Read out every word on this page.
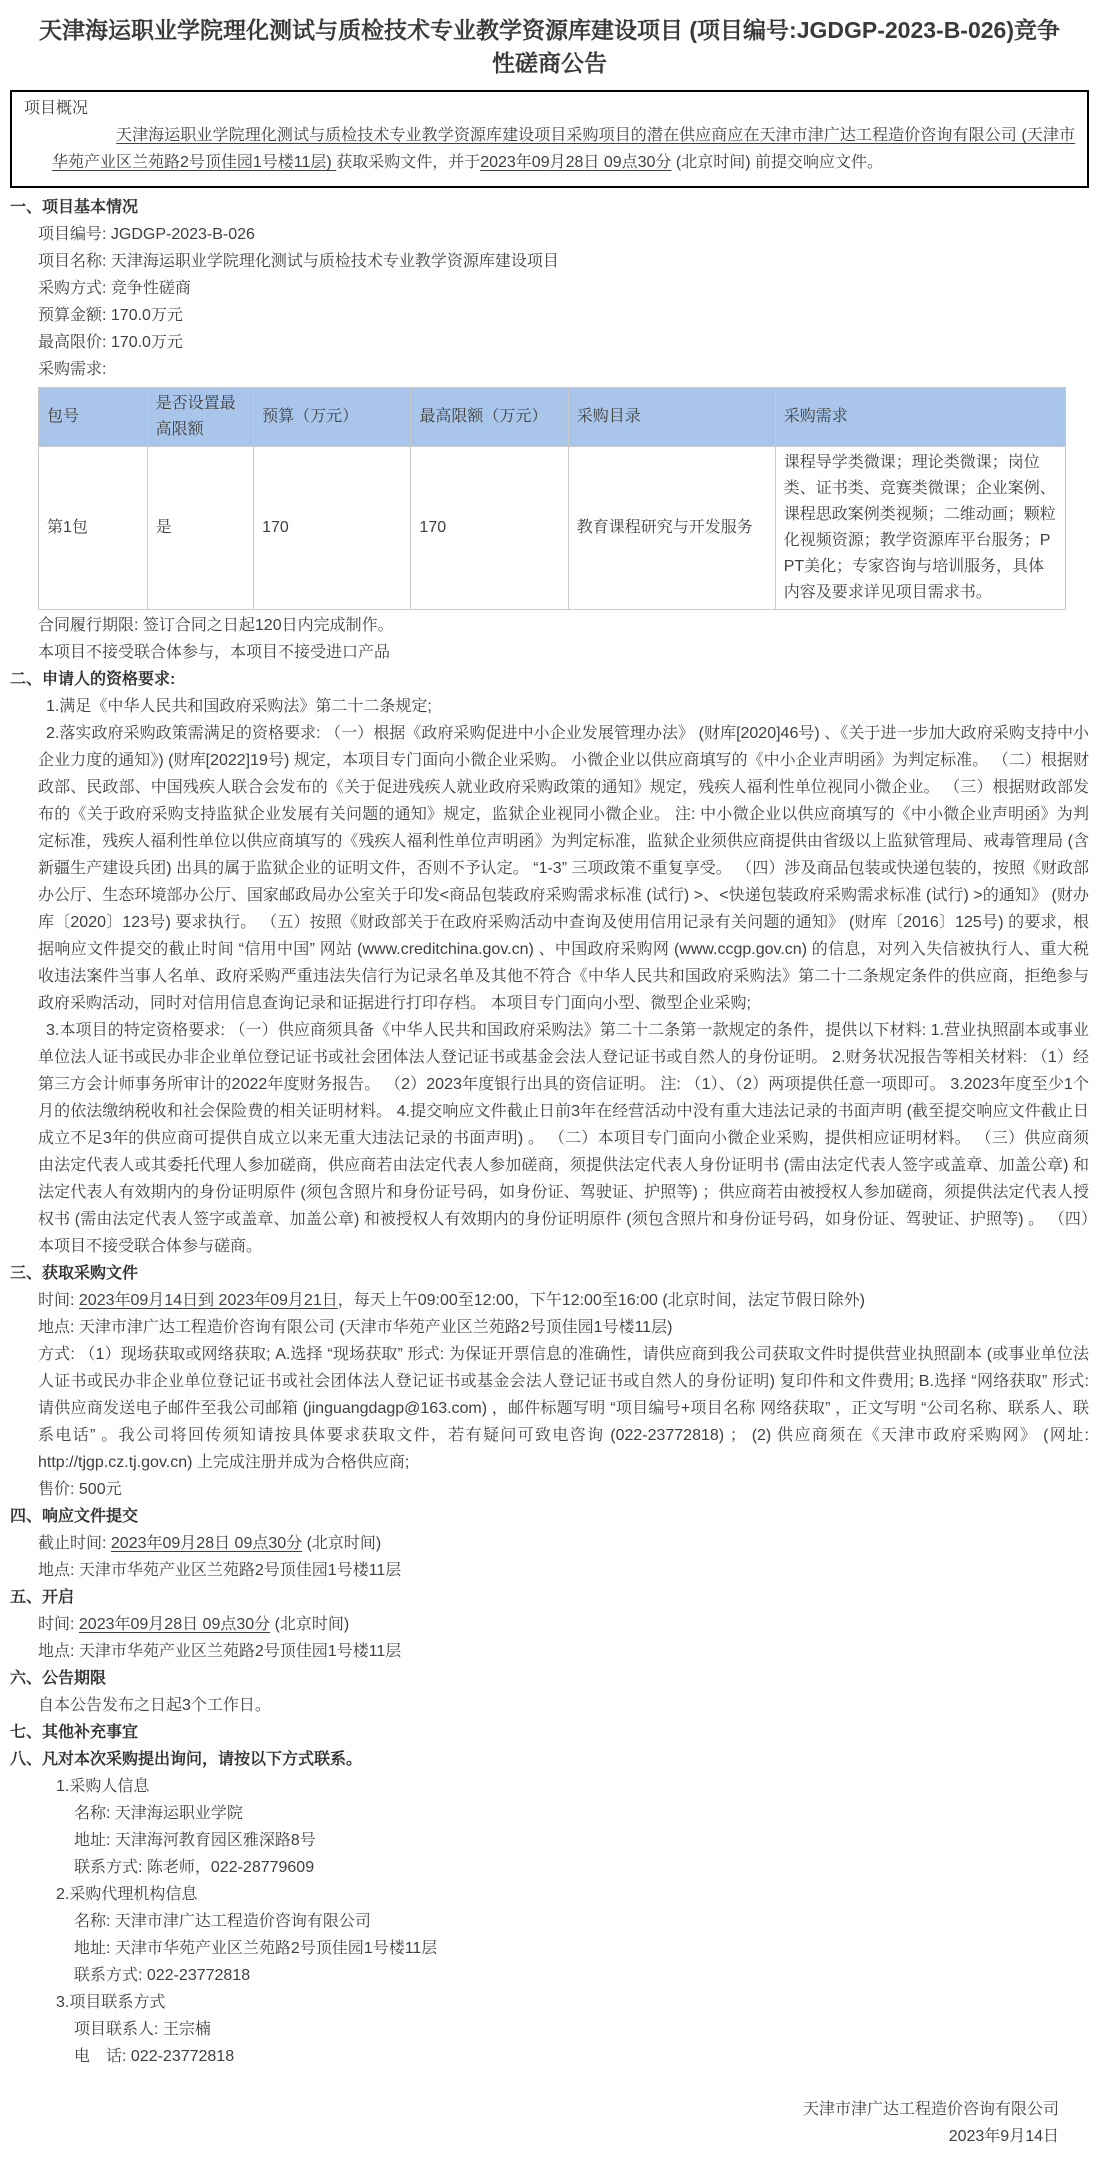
天津海运职业学院理化测试与质检技术专业教学资源库建设项目 (项目编号:JGDGP-2023-B-026)竞争性磋商公告
项目概况

天津海运职业学院理化测试与质检技术专业教学资源库建设项目采购项目的潜在供应商应在天津市津广达工程造价咨询有限公司 (天津市华苑产业区兰苑路2号顶佳园1号楼11层) 获取采购文件，并于2023年09月28日 09点30分 (北京时间) 前提交响应文件。

一、项目基本情况
项目编号: JGDGP-2023-B-026
项目名称: 天津海运职业学院理化测试与质检技术专业教学资源库建设项目
采购方式: 竞争性磋商
预算金额: 170.0万元
最高限价: 170.0万元
采购需求:
包号	是否设置最高限额	预算（万元）	最高限额（万元）	采购目录	采购需求
第1包	是	170	170	教育课程研究与开发服务	课程导学类微课；理论类微课；岗位类、证书类、竞赛类微课；企业案例、课程思政案例类视频；二维动画；颗粒化视频资源；教学资源库平台服务；PPT美化；专家咨询与培训服务，具体内容及要求详见项目需求书。
合同履行期限: 签订合同之日起120日内完成制作。
本项目不接受联合体参与，本项目不接受进口产品
二、申请人的资格要求:

1.满足《中华人民共和国政府采购法》第二十二条规定;

2.落实政府采购政策需满足的资格要求: （一）根据《政府采购促进中小企业发展管理办法》 (财库[2020]46号) 、《关于进一步加大政府采购支持中小企业力度的通知》) (财库[2022]19号) 规定，本项目专门面向小微企业采购。 小微企业以供应商填写的《中小企业声明函》为判定标准。 （二）根据财政部、民政部、中国残疾人联合会发布的《关于促进残疾人就业政府采购政策的通知》规定，残疾人福利性单位视同小微企业。 （三）根据财政部发布的《关于政府采购支持监狱企业发展有关问题的通知》规定，监狱企业视同小微企业。 注: 中小微企业以供应商填写的《中小微企业声明函》为判定标准，残疾人福利性单位以供应商填写的《残疾人福利性单位声明函》为判定标准，监狱企业须供应商提供由省级以上监狱管理局、戒毒管理局 (含新疆生产建设兵团) 出具的属于监狱企业的证明文件，否则不予认定。 “1-3” 三项政策不重复享受。 （四）涉及商品包装或快递包装的，按照《财政部办公厅、生态环境部办公厅、国家邮政局办公室关于印发<商品包装政府采购需求标准 (试行) >、<快递包装政府采购需求标准 (试行) >的通知》 (财办库〔2020〕123号) 要求执行。 （五）按照《财政部关于在政府采购活动中查询及使用信用记录有关问题的通知》 (财库〔2016〕125号) 的要求，根据响应文件提交的截止时间 “信用中国” 网站 (www.creditchina.gov.cn) 、中国政府采购网 (www.ccgp.gov.cn) 的信息，对列入失信被执行人、重大税收违法案件当事人名单、政府采购严重违法失信行为记录名单及其他不符合《中华人民共和国政府采购法》第二十二条规定条件的供应商，拒绝参与政府采购活动，同时对信用信息查询记录和证据进行打印存档。 本项目专门面向小型、微型企业采购;

3.本项目的特定资格要求: （一）供应商须具备《中华人民共和国政府采购法》第二十二条第一款规定的条件，提供以下材料: 1.营业执照副本或事业单位法人证书或民办非企业单位登记证书或社会团体法人登记证书或基金会法人登记证书或自然人的身份证明。 2.财务状况报告等相关材料: （1）经第三方会计师事务所审计的2022年度财务报告。 （2）2023年度银行出具的资信证明。 注: （1）、（2）两项提供任意一项即可。 3.2023年度至少1个月的依法缴纳税收和社会保险费的相关证明材料。 4.提交响应文件截止日前3年在经营活动中没有重大违法记录的书面声明 (截至提交响应文件截止日成立不足3年的供应商可提供自成立以来无重大违法记录的书面声明) 。 （二）本项目专门面向小微企业采购，提供相应证明材料。 （三）供应商须由法定代表人或其委托代理人参加磋商，供应商若由法定代表人参加磋商，须提供法定代表人身份证明书 (需由法定代表人签字或盖章、加盖公章) 和法定代表人有效期内的身份证明原件 (须包含照片和身份证号码，如身份证、驾驶证、护照等) ；供应商若由被授权人参加磋商，须提供法定代表人授权书 (需由法定代表人签字或盖章、加盖公章) 和被授权人有效期内的身份证明原件 (须包含照片和身份证号码，如身份证、驾驶证、护照等) 。 （四）本项目不接受联合体参与磋商。

三、获取采购文件
时间: 2023年09月14日到 2023年09月21日，每天上午09:00至12:00，下午12:00至16:00 (北京时间，法定节假日除外)
地点: 天津市津广达工程造价咨询有限公司 (天津市华苑产业区兰苑路2号顶佳园1号楼11层)

方式: （1）现场获取或网络获取; A.选择 “现场获取” 形式: 为保证开票信息的准确性，请供应商到我公司获取文件时提供营业执照副本 (或事业单位法人证书或民办非企业单位登记证书或社会团体法人登记证书或基金会法人登记证书或自然人的身份证明) 复印件和文件费用; B.选择 “网络获取” 形式: 请供应商发送电子邮件至我公司邮箱 (jinguangdagp@163.com) ，邮件标题写明 “项目编号+项目名称 网络获取” ，正文写明 “公司名称、联系人、联系电话” 。我公司将回传须知请按具体要求获取文件，若有疑问可致电咨询 (022-23772818) ； (2) 供应商须在《天津市政府采购网》 (网址: http://tjgp.cz.tj.gov.cn) 上完成注册并成为合格供应商;

售价: 500元
四、响应文件提交
截止时间: 2023年09月28日 09点30分 (北京时间)
地点: 天津市华苑产业区兰苑路2号顶佳园1号楼11层
五、开启
时间: 2023年09月28日 09点30分 (北京时间)
地点: 天津市华苑产业区兰苑路2号顶佳园1号楼11层
六、公告期限
自本公告发布之日起3个工作日。
七、其他补充事宜
八、凡对本次采购提出询问，请按以下方式联系。
1.采购人信息
名称: 天津海运职业学院
地址: 天津海河教育园区雅深路8号
联系方式: 陈老师，022-28779609
2.采购代理机构信息
名称: 天津市津广达工程造价咨询有限公司
地址: 天津市华苑产业区兰苑路2号顶佳园1号楼11层
联系方式: 022-23772818
3.项目联系方式
项目联系人: 王宗楠
电　话: 022-23772818
天津市津广达工程造价咨询有限公司
2023年9月14日
